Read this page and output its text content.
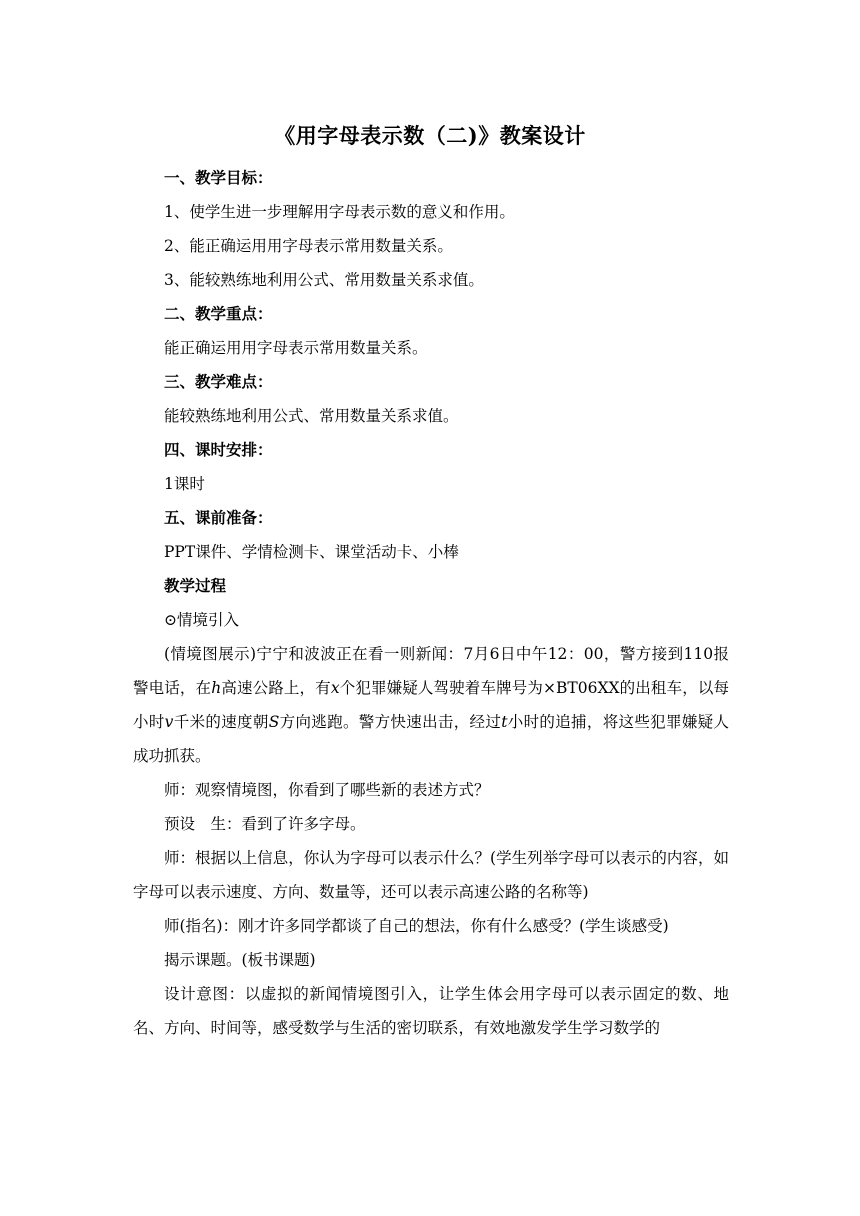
《用字母表示数（二)》教案设计
一、教学目标：
1、使学生进一步理解用字母表示数的意义和作用。
2、能正确运用用字母表示常用数量关系。
3、能较熟练地利用公式、常用数量关系求值。
二、教学重点：
能正确运用用字母表示常用数量关系。
三、教学难点：
能较熟练地利用公式、常用数量关系求值。
四、课时安排：
1课时
五、课前准备：
PPT课件、学情检测卡、课堂活动卡、小棒
教学过程
⊙情境引入
(情境图展示)宁宁和波波正在看一则新闻：7月6日中午12：00，警方接到110报警电话，在h高速公路上，有x个犯罪嫌疑人驾驶着车牌号为×BT06XX的出租车，以每小时v千米的速度朝S方向逃跑。警方快速出击，经过t小时的追捕，将这些犯罪嫌疑人成功抓获。
师：观察情境图，你看到了哪些新的表述方式？
预设　生：看到了许多字母。
师：根据以上信息，你认为字母可以表示什么？(学生列举字母可以表示的内容，如字母可以表示速度、方向、数量等，还可以表示高速公路的名称等)
师(指名)：刚才许多同学都谈了自己的想法，你有什么感受？(学生谈感受)
揭示课题。(板书课题)
设计意图：以虚拟的新闻情境图引入，让学生体会用字母可以表示固定的数、地名、方向、时间等，感受数学与生活的密切联系，有效地激发学生学习数学的
